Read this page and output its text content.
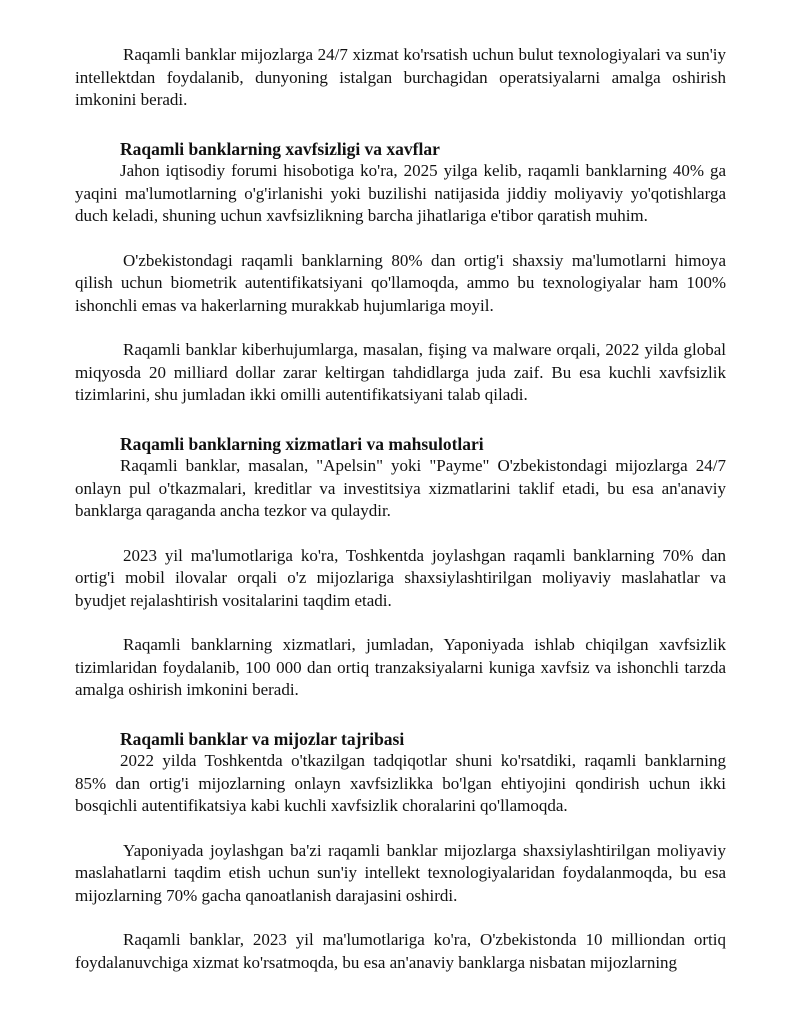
Raqamli banklar mijozlarga 24/7 xizmat ko'rsatish uchun bulut texnologiyalari va sun'iy intellektdan foydalanib, dunyoning istalgan burchagidan operatsiyalarni amalga oshirish imkonini beradi.

Raqamli banklarning xavfsizligi va xavflar

Jahon iqtisodiy forumi hisobotiga ko'ra, 2025 yilga kelib, raqamli banklarning 40% ga yaqini ma'lumotlarning o'g'irlanishi yoki buzilishi natijasida jiddiy moliyaviy yo'qotishlarga duch keladi, shuning uchun xavfsizlikning barcha jihatlariga e'tibor qaratish muhim.

O'zbekistondagi raqamli banklarning 80% dan ortig'i shaxsiy ma'lumotlarni himoya qilish uchun biometrik autentifikatsiyani qo'llamoqda, ammo bu texnologiyalar ham 100% ishonchli emas va hakerlarning murakkab hujumlariga moyil.

Raqamli banklar kiberhujumlarga, masalan, fişing va malware orqali, 2022 yilda global miqyosda 20 milliard dollar zarar keltirgan tahdidlarga juda zaif. Bu esa kuchli xavfsizlik tizimlarini, shu jumladan ikki omilli autentifikatsiyani talab qiladi.

Raqamli banklarning xizmatlari va mahsulotlari

Raqamli banklar, masalan, "Apelsin" yoki "Payme" O'zbekistondagi mijozlarga 24/7 onlayn pul o'tkazmalari, kreditlar va investitsiya xizmatlarini taklif etadi, bu esa an'anaviy banklarga qaraganda ancha tezkor va qulaydir.

2023 yil ma'lumotlariga ko'ra, Toshkentda joylashgan raqamli banklarning 70% dan ortig'i mobil ilovalar orqali o'z mijozlariga shaxsiylashtirilgan moliyaviy maslahatlar va byudjet rejalashtirish vositalarini taqdim etadi.

Raqamli banklarning xizmatlari, jumladan, Yaponiyada ishlab chiqilgan xavfsizlik tizimlaridan foydalanib, 100 000 dan ortiq tranzaksiyalarni kuniga xavfsiz va ishonchli tarzda amalga oshirish imkonini beradi.

Raqamli banklar va mijozlar tajribasi

2022 yilda Toshkentda o'tkazilgan tadqiqotlar shuni ko'rsatdiki, raqamli banklarning 85% dan ortig'i mijozlarning onlayn xavfsizlikka bo'lgan ehtiyojini qondirish uchun ikki bosqichli autentifikatsiya kabi kuchli xavfsizlik choralarini qo'llamoqda.

Yaponiyada joylashgan ba'zi raqamli banklar mijozlarga shaxsiylashtirilgan moliyaviy maslahatlarni taqdim etish uchun sun'iy intellekt texnologiyalaridan foydalanmoqda, bu esa mijozlarning 70% gacha qanoatlanish darajasini oshirdi.

Raqamli banklar, 2023 yil ma'lumotlariga ko'ra, O'zbekistonda 10 milliondan ortiq foydalanuvchiga xizmat ko'rsatmoqda, bu esa an'anaviy banklarga nisbatan mijozlarning
